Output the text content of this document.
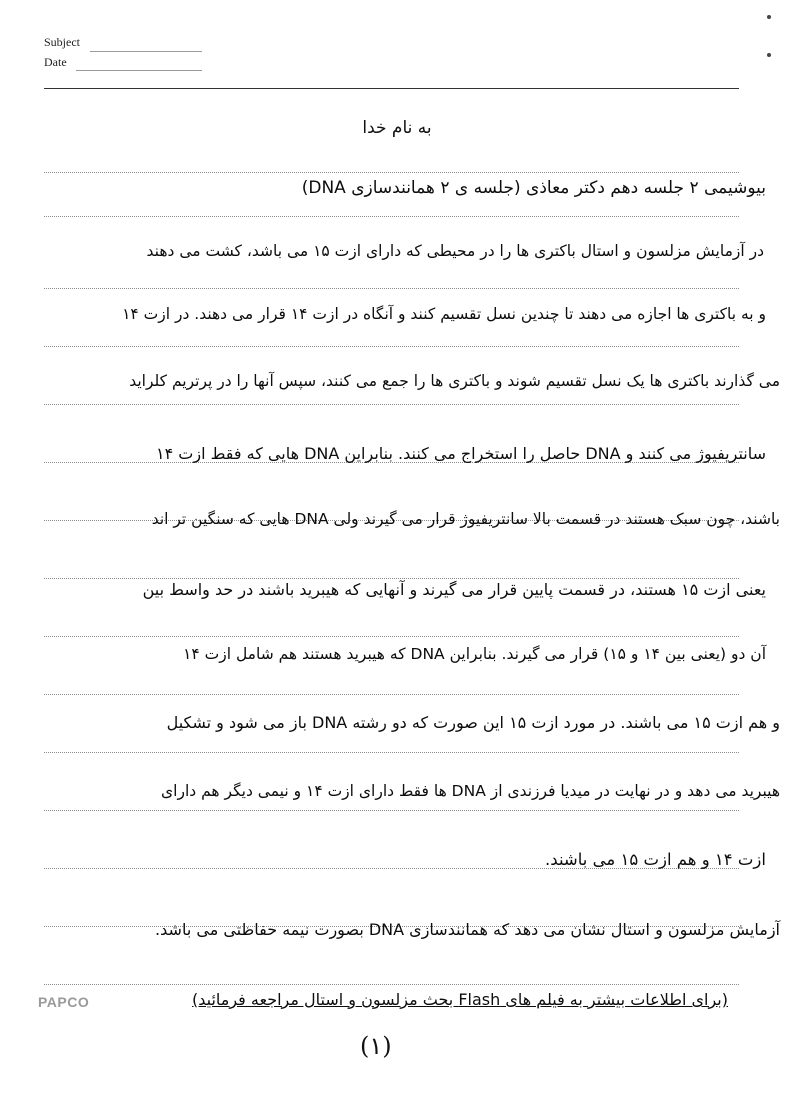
Subject
Date
به نام خدا
بیوشیمی ۲ جلسه دهم دکتر معاذی (جلسه ی ۲ همانندسازی DNA)
در آزمایش مزلسون و استال باکتری ها را در محیطی که دارای ازت ۱۵ می باشد، کشت می دهند
و به باکتری ها اجازه می دهند تا چندین نسل تقسیم کنند و آنگاه در ازت ۱۴ قرار می دهند. در ازت ۱۴
می گذارند باکتری ها یک نسل تقسیم شوند و باکتری ها را جمع می کنند، سپس آنها را در پرتریم کلراید
سانتریفیوژ می کنند و DNA حاصل را استخراج می کنند. بنابراین DNA هایی که فقط ازت ۱۴
باشند، چون سبک هستند در قسمت بالا سانتریفیوژ قرار می گیرند ولی DNA هایی که سنگین تر اند
یعنی ازت ۱۵ هستند، در قسمت پایین قرار می گیرند و آنهایی که هیبرید باشند در حد واسط بین
آن دو (یعنی بین ۱۴ و ۱۵) قرار می گیرند. بنابراین DNA که هیبرید هستند هم شامل ازت ۱۴
و هم ازت ۱۵ می باشند. در مورد ازت ۱۵ این صورت که دو رشته DNA باز می شود و تشکیل
هیبرید می دهد و در نهایت در میدیا فرزندی از DNA ها فقط دارای ازت ۱۴ و نیمی دیگر هم دارای
ازت ۱۴ و هم ازت ۱۵ می باشند.
آزمایش مزلسون و استال نشان می دهد که همانندسازی DNA بصورت نیمه حفاظتی می باشد.
(برای اطلاعات بیشتر به فیلم های Flash بحث مزلسون و استال مراجعه فرمائید)
PAPCO
(۱)
